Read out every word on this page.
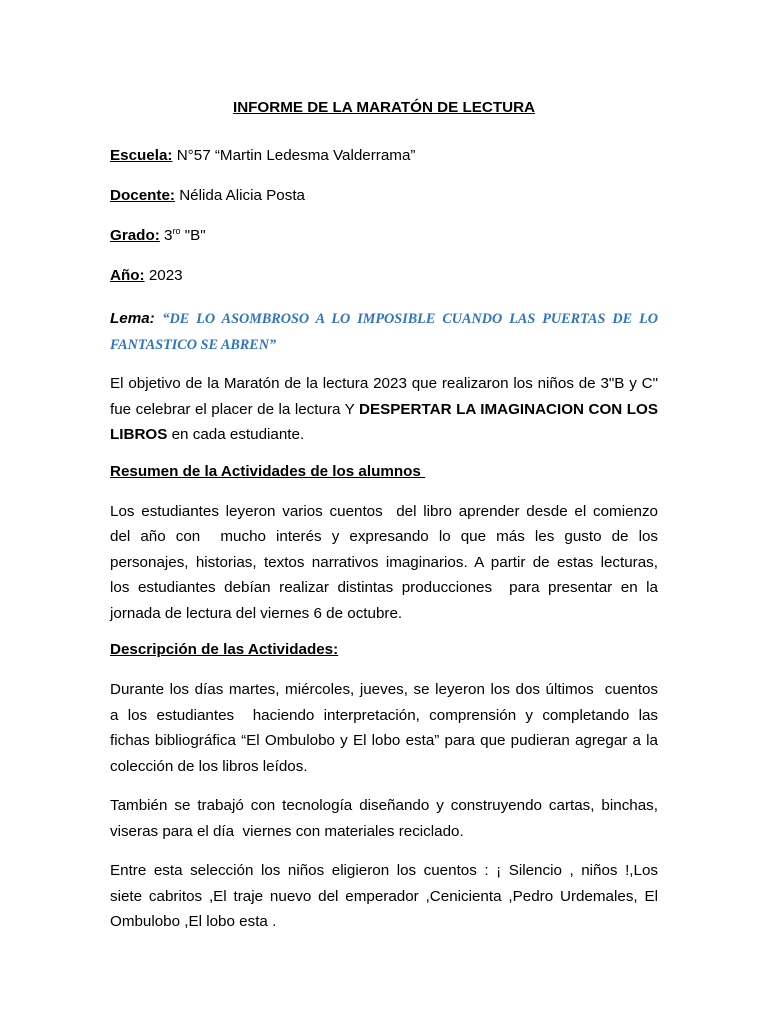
INFORME DE LA MARATÓN DE LECTURA
Escuela: N°57 “Martin Ledesma Valderrama”
Docente: Nélida Alicia Posta
Grado: $3^{ro}$ "B"
Año: 2023
Lema: “DE LO ASOMBROSO A LO IMPOSIBLE CUANDO LAS PUERTAS DE LO FANTASTICO SE ABREN”
El objetivo de la Maratón de la lectura 2023 que realizaron los niños de 3"B y C" fue celebrar el placer de la lectura Y DESPERTAR LA IMAGINACION CON LOS LIBROS en cada estudiante.
Resumen de la Actividades de los alumnos
Los estudiantes leyeron varios cuentos  del libro aprender desde el comienzo
del año con  mucho interés y expresando lo que más les gusto de los
personajes, historias, textos narrativos imaginarios. A partir de estas lecturas,
los estudiantes debían realizar distintas producciones  para presentar en la
jornada de lectura del viernes 6 de octubre.
Descripción de las Actividades:
Durante los días martes, miércoles, jueves, se leyeron los dos últimos  cuentos
a los estudiantes  haciendo interpretación, comprensión y completando las
fichas bibliográfica “El Ombulobo y El lobo esta” para que pudieran agregar a la
colección de los libros leídos.
También se trabajó con tecnología diseñando y construyendo cartas, binchas,
viseras para el día  viernes con materiales reciclado.
Entre esta selección los niños eligieron los cuentos : ¡ Silencio , niños !,Los
siete cabritos ,El traje nuevo del emperador ,Cenicienta ,Pedro Urdemales, El
Ombulobo ,El lobo esta .
